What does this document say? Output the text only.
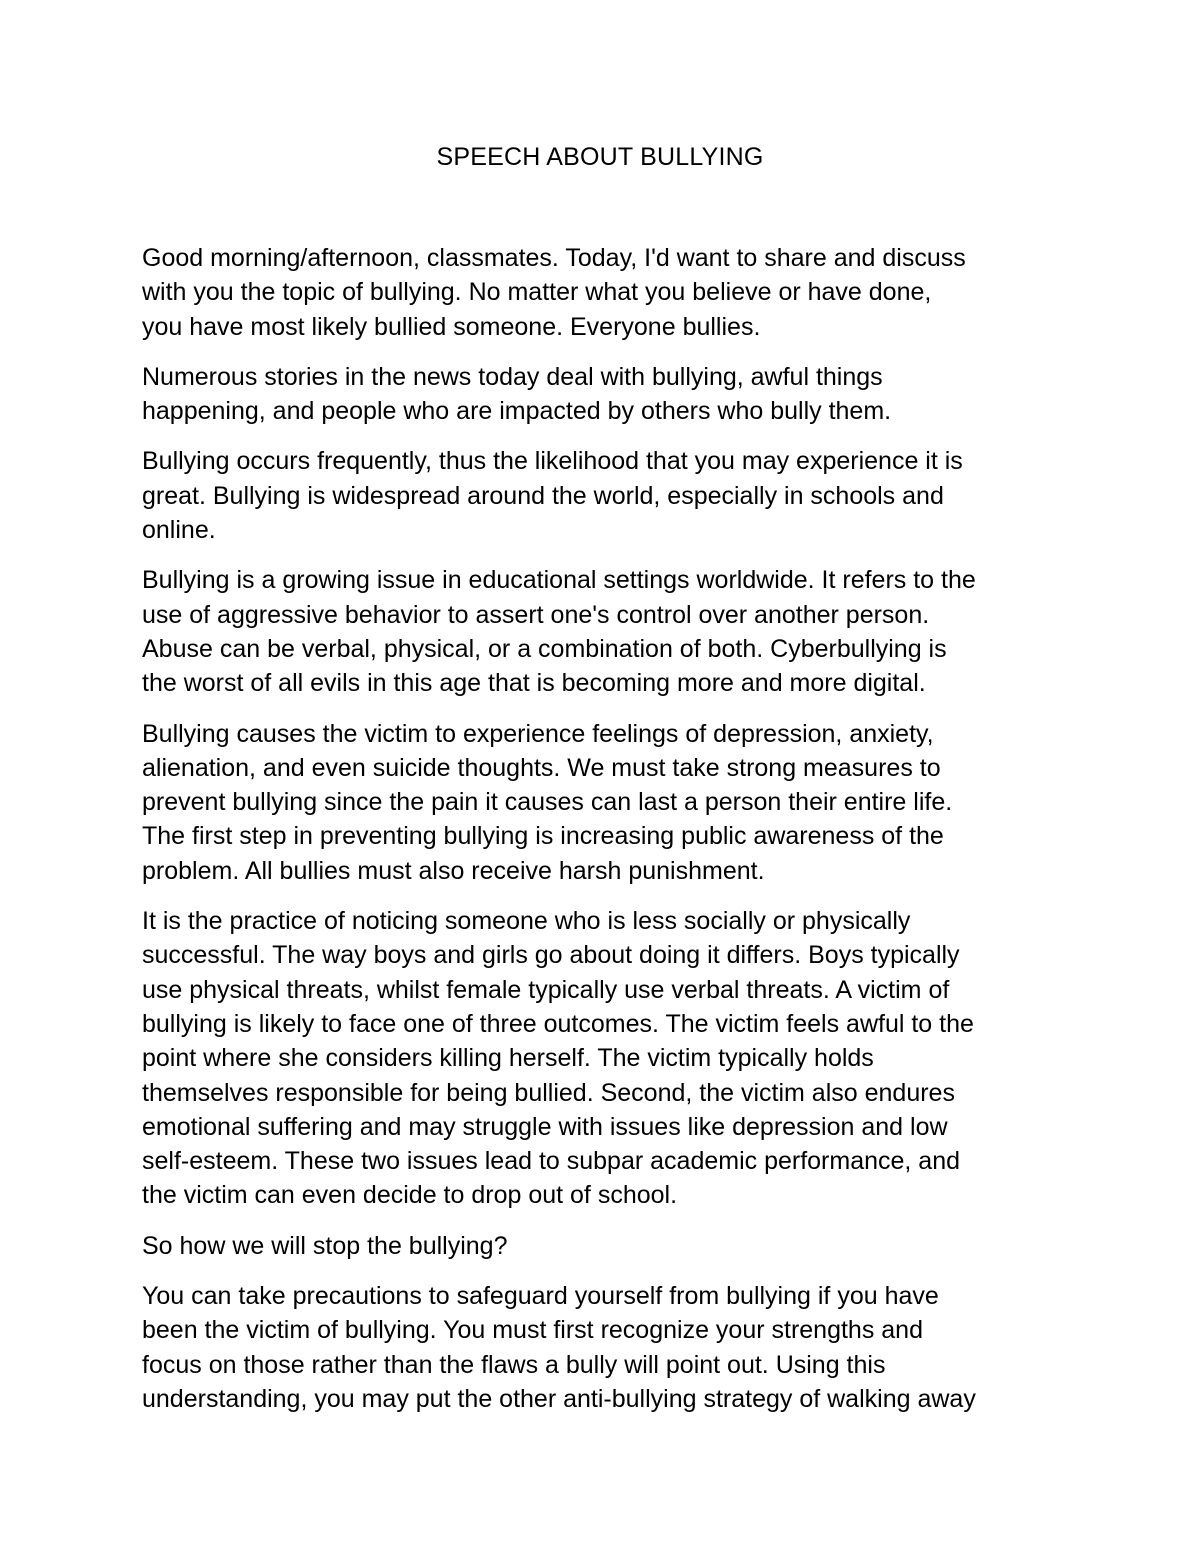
SPEECH ABOUT BULLYING

Good morning/afternoon, classmates. Today, I'd want to share and discuss
with you the topic of bullying. No matter what you believe or have done,
you have most likely bullied someone. Everyone bullies.

Numerous stories in the news today deal with bullying, awful things
happening, and people who are impacted by others who bully them.

Bullying occurs frequently, thus the likelihood that you may experience it is
great. Bullying is widespread around the world, especially in schools and
online.

Bullying is a growing issue in educational settings worldwide. It refers to the
use of aggressive behavior to assert one's control over another person.
Abuse can be verbal, physical, or a combination of both. Cyberbullying is
the worst of all evils in this age that is becoming more and more digital.

Bullying causes the victim to experience feelings of depression, anxiety,
alienation, and even suicide thoughts. We must take strong measures to
prevent bullying since the pain it causes can last a person their entire life.
The first step in preventing bullying is increasing public awareness of the
problem. All bullies must also receive harsh punishment.

It is the practice of noticing someone who is less socially or physically
successful. The way boys and girls go about doing it differs. Boys typically
use physical threats, whilst female typically use verbal threats. A victim of
bullying is likely to face one of three outcomes. The victim feels awful to the
point where she considers killing herself. The victim typically holds
themselves responsible for being bullied. Second, the victim also endures
emotional suffering and may struggle with issues like depression and low
self-esteem. These two issues lead to subpar academic performance, and
the victim can even decide to drop out of school.

So how we will stop the bullying?

You can take precautions to safeguard yourself from bullying if you have
been the victim of bullying. You must first recognize your strengths and
focus on those rather than the flaws a bully will point out. Using this
understanding, you may put the other anti-bullying strategy of walking away
